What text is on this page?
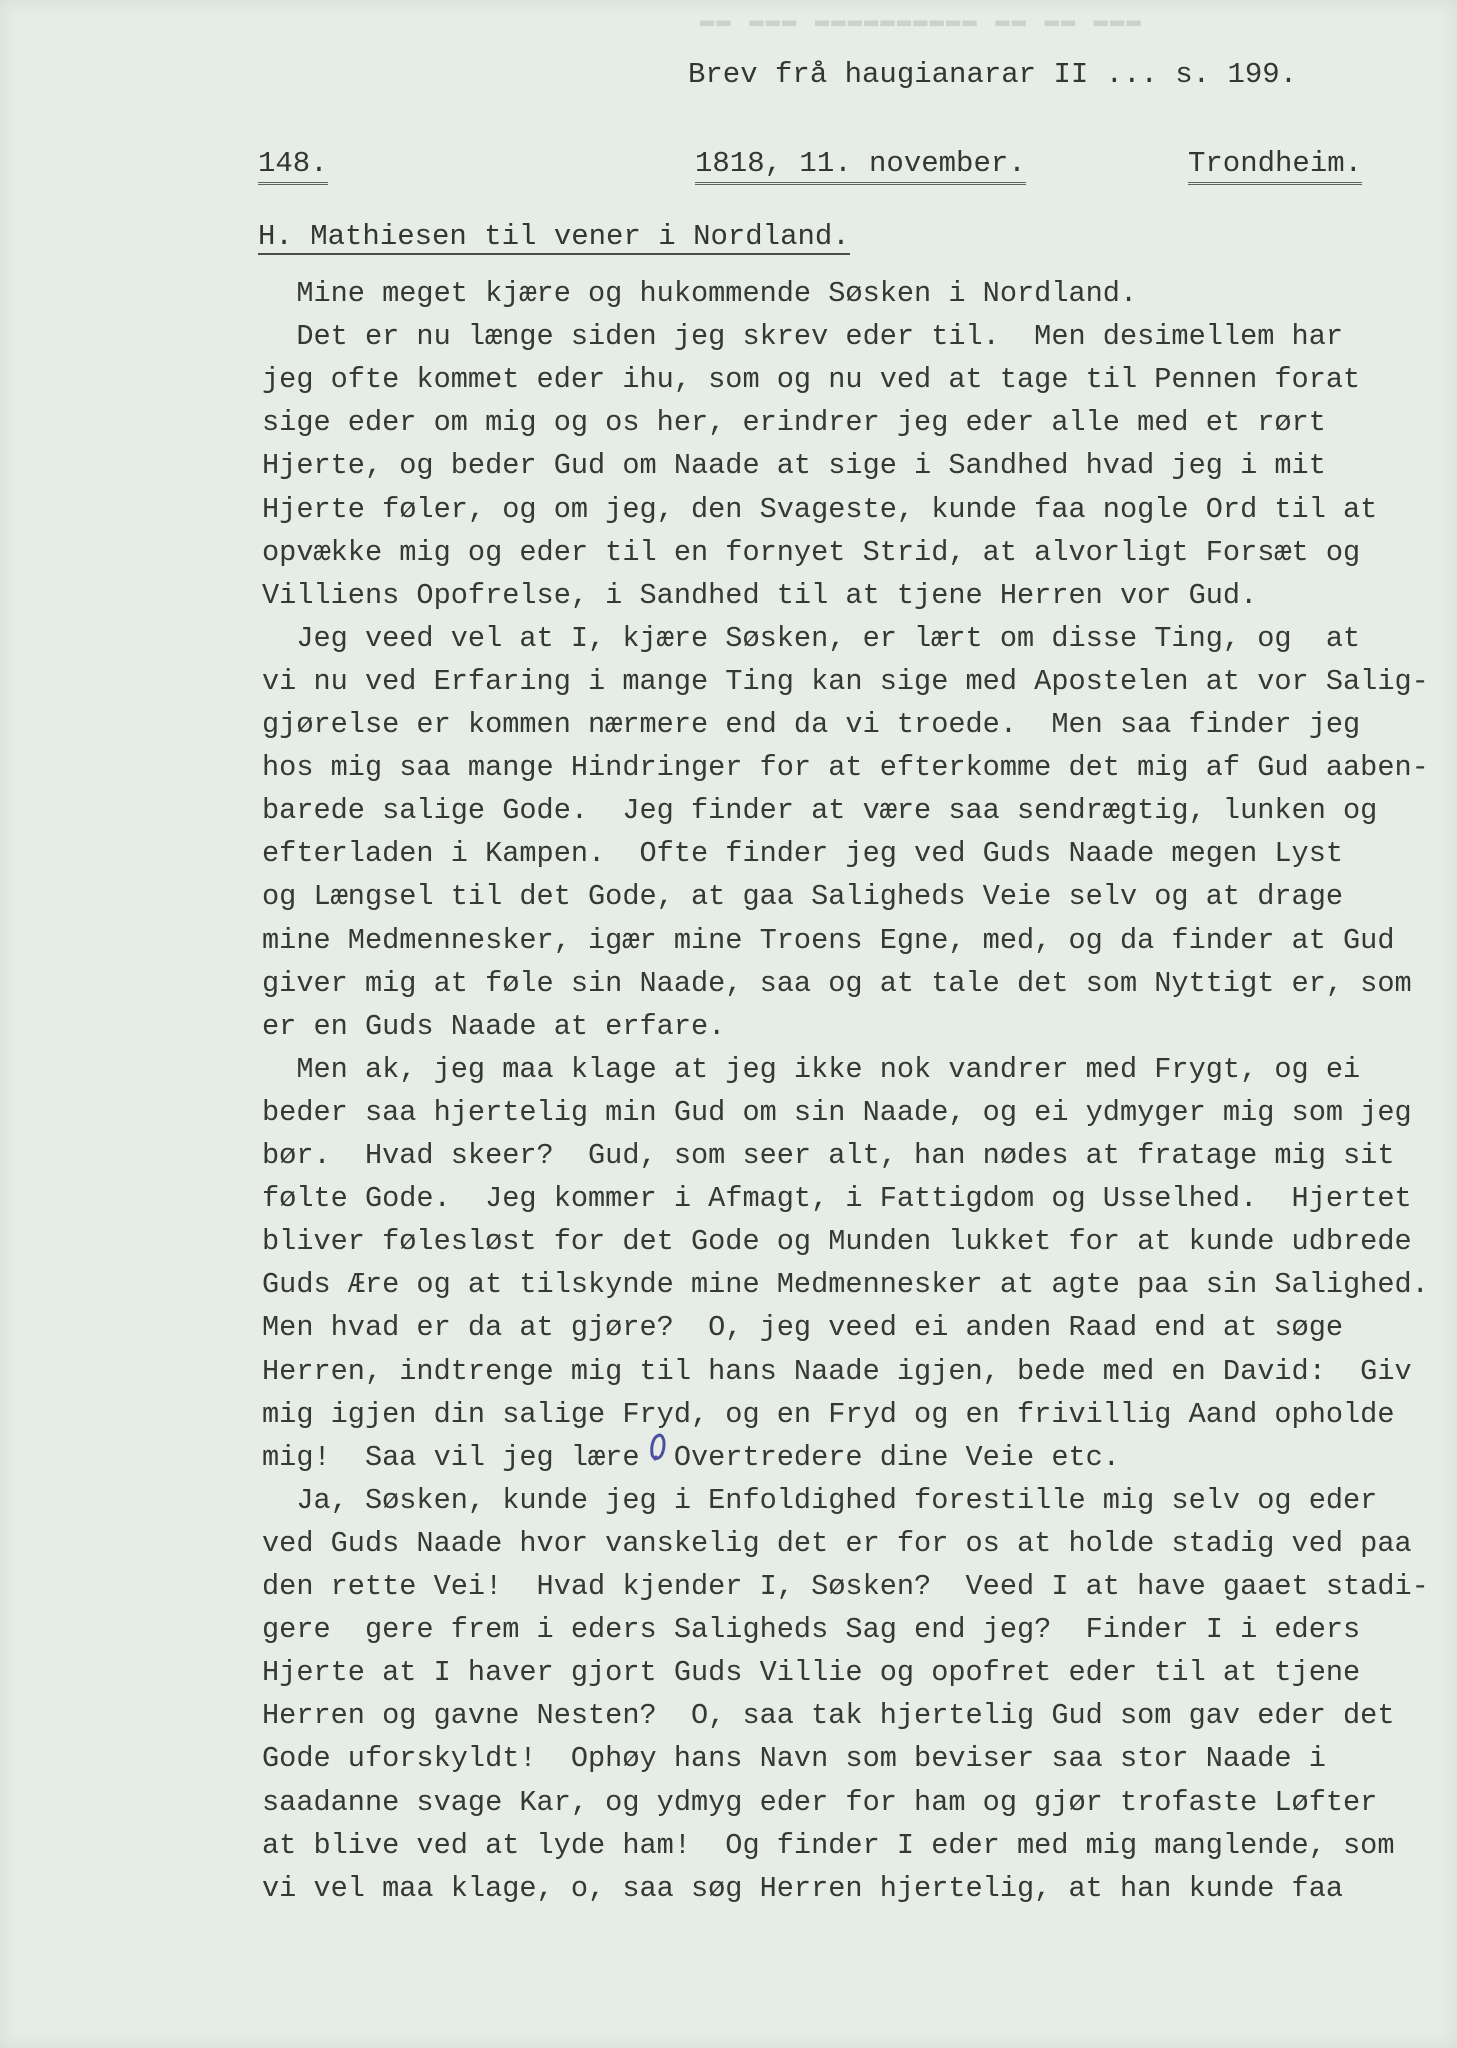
▬▬ ▬▬▬ ▬▬▬▬▬▬▬▬▬▬ ▬▬ ▬▬ ▬▬▬
Brev frå haugianarar II ... s. 199.
148.	1818, 11. november.	Trondheim.
H. Mathiesen til vener i Nordland.
Mine meget kjære og hukommende Søsken i Nordland.
Det er nu længe siden jeg skrev eder til.  Men desimellem har
jeg ofte kommet eder ihu, som og nu ved at tage til Pennen forat
sige eder om mig og os her, erindrer jeg eder alle med et rørt
Hjerte, og beder Gud om Naade at sige i Sandhed hvad jeg i mit
Hjerte føler, og om jeg, den Svageste, kunde faa nogle Ord til at
opvække mig og eder til en fornyet Strid, at alvorligt Forsæt og
Villiens Opofrelse, i Sandhed til at tjene Herren vor Gud.
Jeg veed vel at I, kjære Søsken, er lært om disse Ting, og  at
vi nu ved Erfaring i mange Ting kan sige med Apostelen at vor Salig-
gjørelse er kommen nærmere end da vi troede.  Men saa finder jeg
hos mig saa mange Hindringer for at efterkomme det mig af Gud aaben-
barede salige Gode.  Jeg finder at være saa sendrægtig, lunken og
efterladen i Kampen.  Ofte finder jeg ved Guds Naade megen Lyst
og Længsel til det Gode, at gaa Saligheds Veie selv og at drage
mine Medmennesker, igær mine Troens Egne, med, og da finder at Gud
giver mig at føle sin Naade, saa og at tale det som Nyttigt er, som
er en Guds Naade at erfare.
Men ak, jeg maa klage at jeg ikke nok vandrer med Frygt, og ei
beder saa hjertelig min Gud om sin Naade, og ei ydmyger mig som jeg
bør.  Hvad skeer?  Gud, som seer alt, han nødes at fratage mig sit
følte Gode.  Jeg kommer i Afmagt, i Fattigdom og Usselhed.  Hjertet
bliver følesløst for det Gode og Munden lukket for at kunde udbrede
Guds Ære og at tilskynde mine Medmennesker at agte paa sin Salighed.
Men hvad er da at gjøre?  O, jeg veed ei anden Raad end at søge
Herren, indtrenge mig til hans Naade igjen, bede med en David:  Giv
mig igjen din salige Fryd, og en Fryd og en frivillig Aand opholde
mig!  Saa vil jeg lære  Overtredere dine Veie etc.
Ja, Søsken, kunde jeg i Enfoldighed forestille mig selv og eder
ved Guds Naade hvor vanskelig det er for os at holde stadig ved paa
den rette Vei!  Hvad kjender I, Søsken?  Veed I at have gaaet stadi-
gere  gere frem i eders Saligheds Sag end jeg?  Finder I i eders
Hjerte at I haver gjort Guds Villie og opofret eder til at tjene
Herren og gavne Nesten?  O, saa tak hjertelig Gud som gav eder det
Gode uforskyldt!  Ophøy hans Navn som beviser saa stor Naade i
saadanne svage Kar, og ydmyg eder for ham og gjør trofaste Løfter
at blive ved at lyde ham!  Og finder I eder med mig manglende, som
vi vel maa klage, o, saa søg Herren hjertelig, at han kunde faa
